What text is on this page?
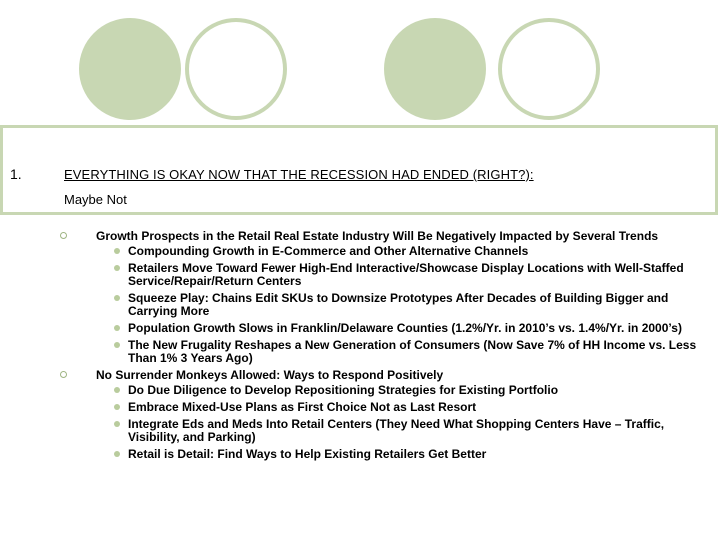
1.	EVERYTHING IS OKAY NOW THAT THE RECESSION HAD ENDED (RIGHT?):
Maybe Not
Growth Prospects in the Retail Real Estate Industry Will Be Negatively Impacted by Several Trends
Compounding Growth in E-Commerce and Other Alternative Channels
Retailers Move Toward Fewer High-End Interactive/Showcase Display Locations with Well-Staffed Service/Repair/Return Centers
Squeeze Play: Chains Edit SKUs to Downsize Prototypes After Decades of Building Bigger and Carrying More
Population Growth Slows in Franklin/Delaware Counties (1.2%/Yr. in 2010’s vs. 1.4%/Yr. in 2000’s)
The New Frugality Reshapes a New Generation of Consumers (Now Save 7% of HH Income vs. Less Than 1% 3 Years Ago)
No Surrender Monkeys Allowed: Ways to Respond Positively
Do Due Diligence to Develop Repositioning Strategies for Existing Portfolio
Embrace Mixed-Use Plans as First Choice Not as Last Resort
Integrate Eds and Meds Into Retail Centers (They Need What Shopping Centers Have – Traffic, Visibility, and Parking)
Retail is Detail: Find Ways to Help Existing Retailers Get Better
